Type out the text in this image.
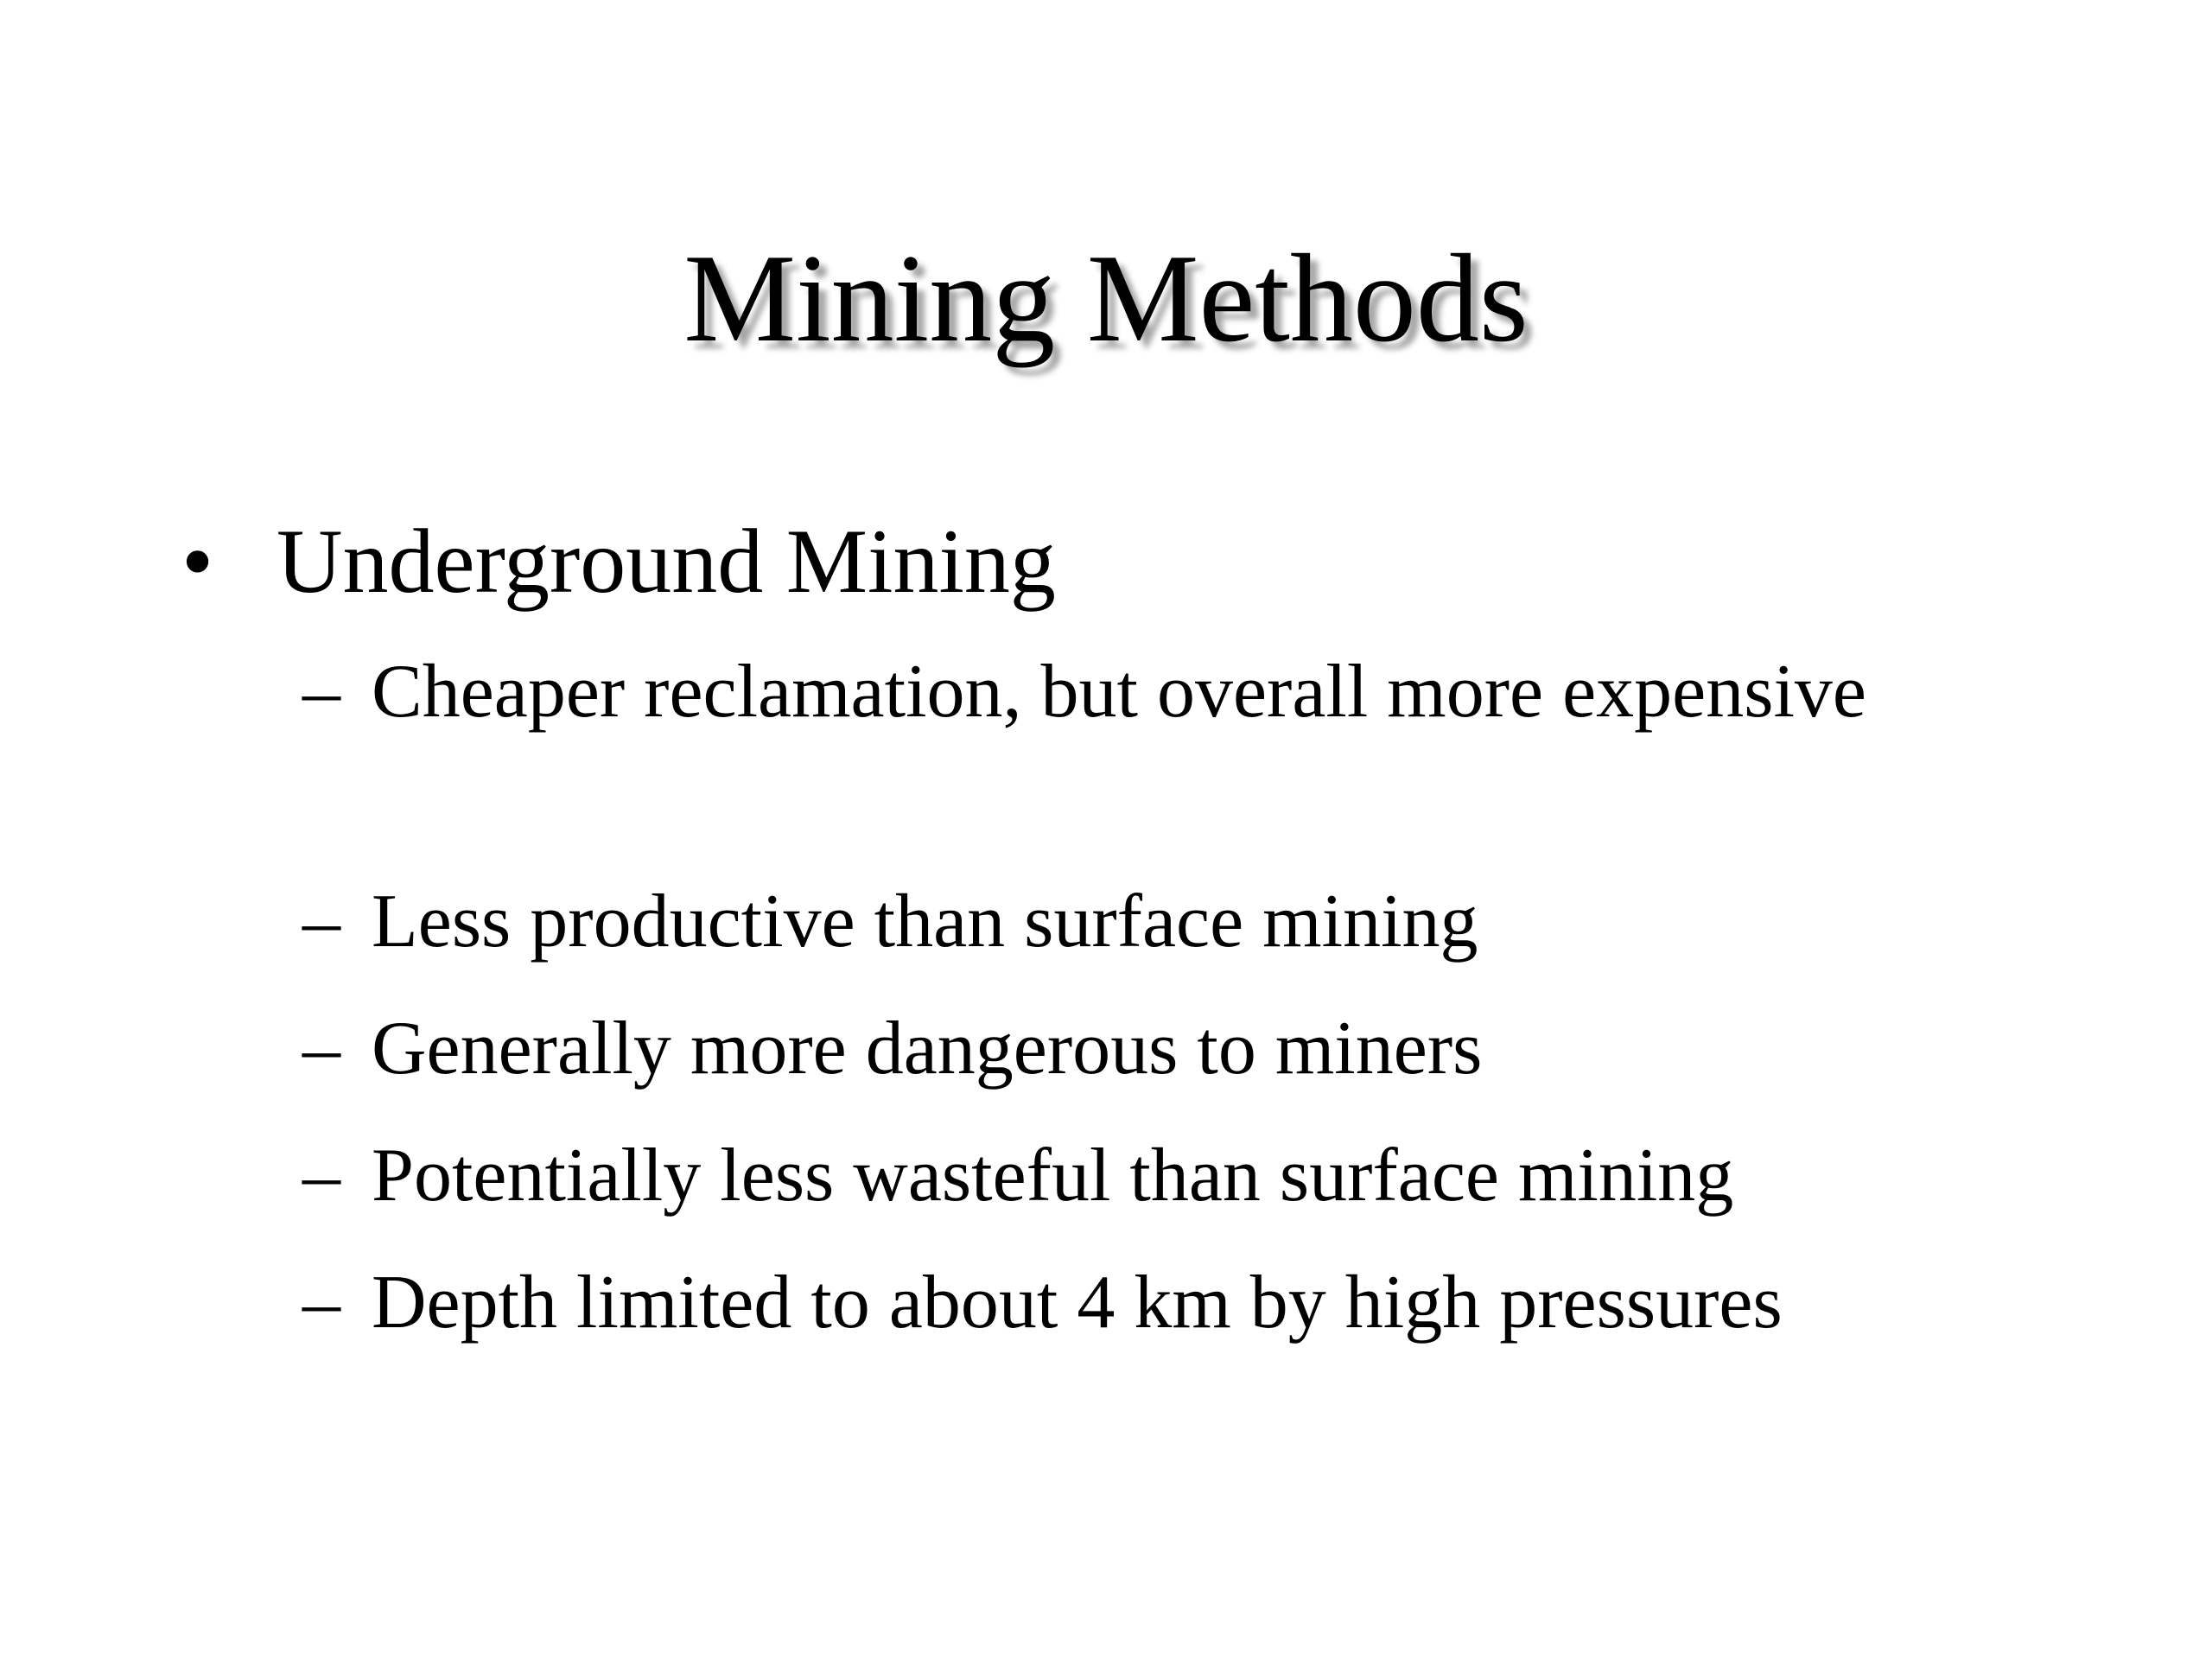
Mining Methods
• Underground Mining
– Cheaper reclamation, but overall more expensive
– Less productive than surface mining
– Generally more dangerous to miners
– Potentially less wasteful than surface mining
– Depth limited to about 4 km by high pressures
